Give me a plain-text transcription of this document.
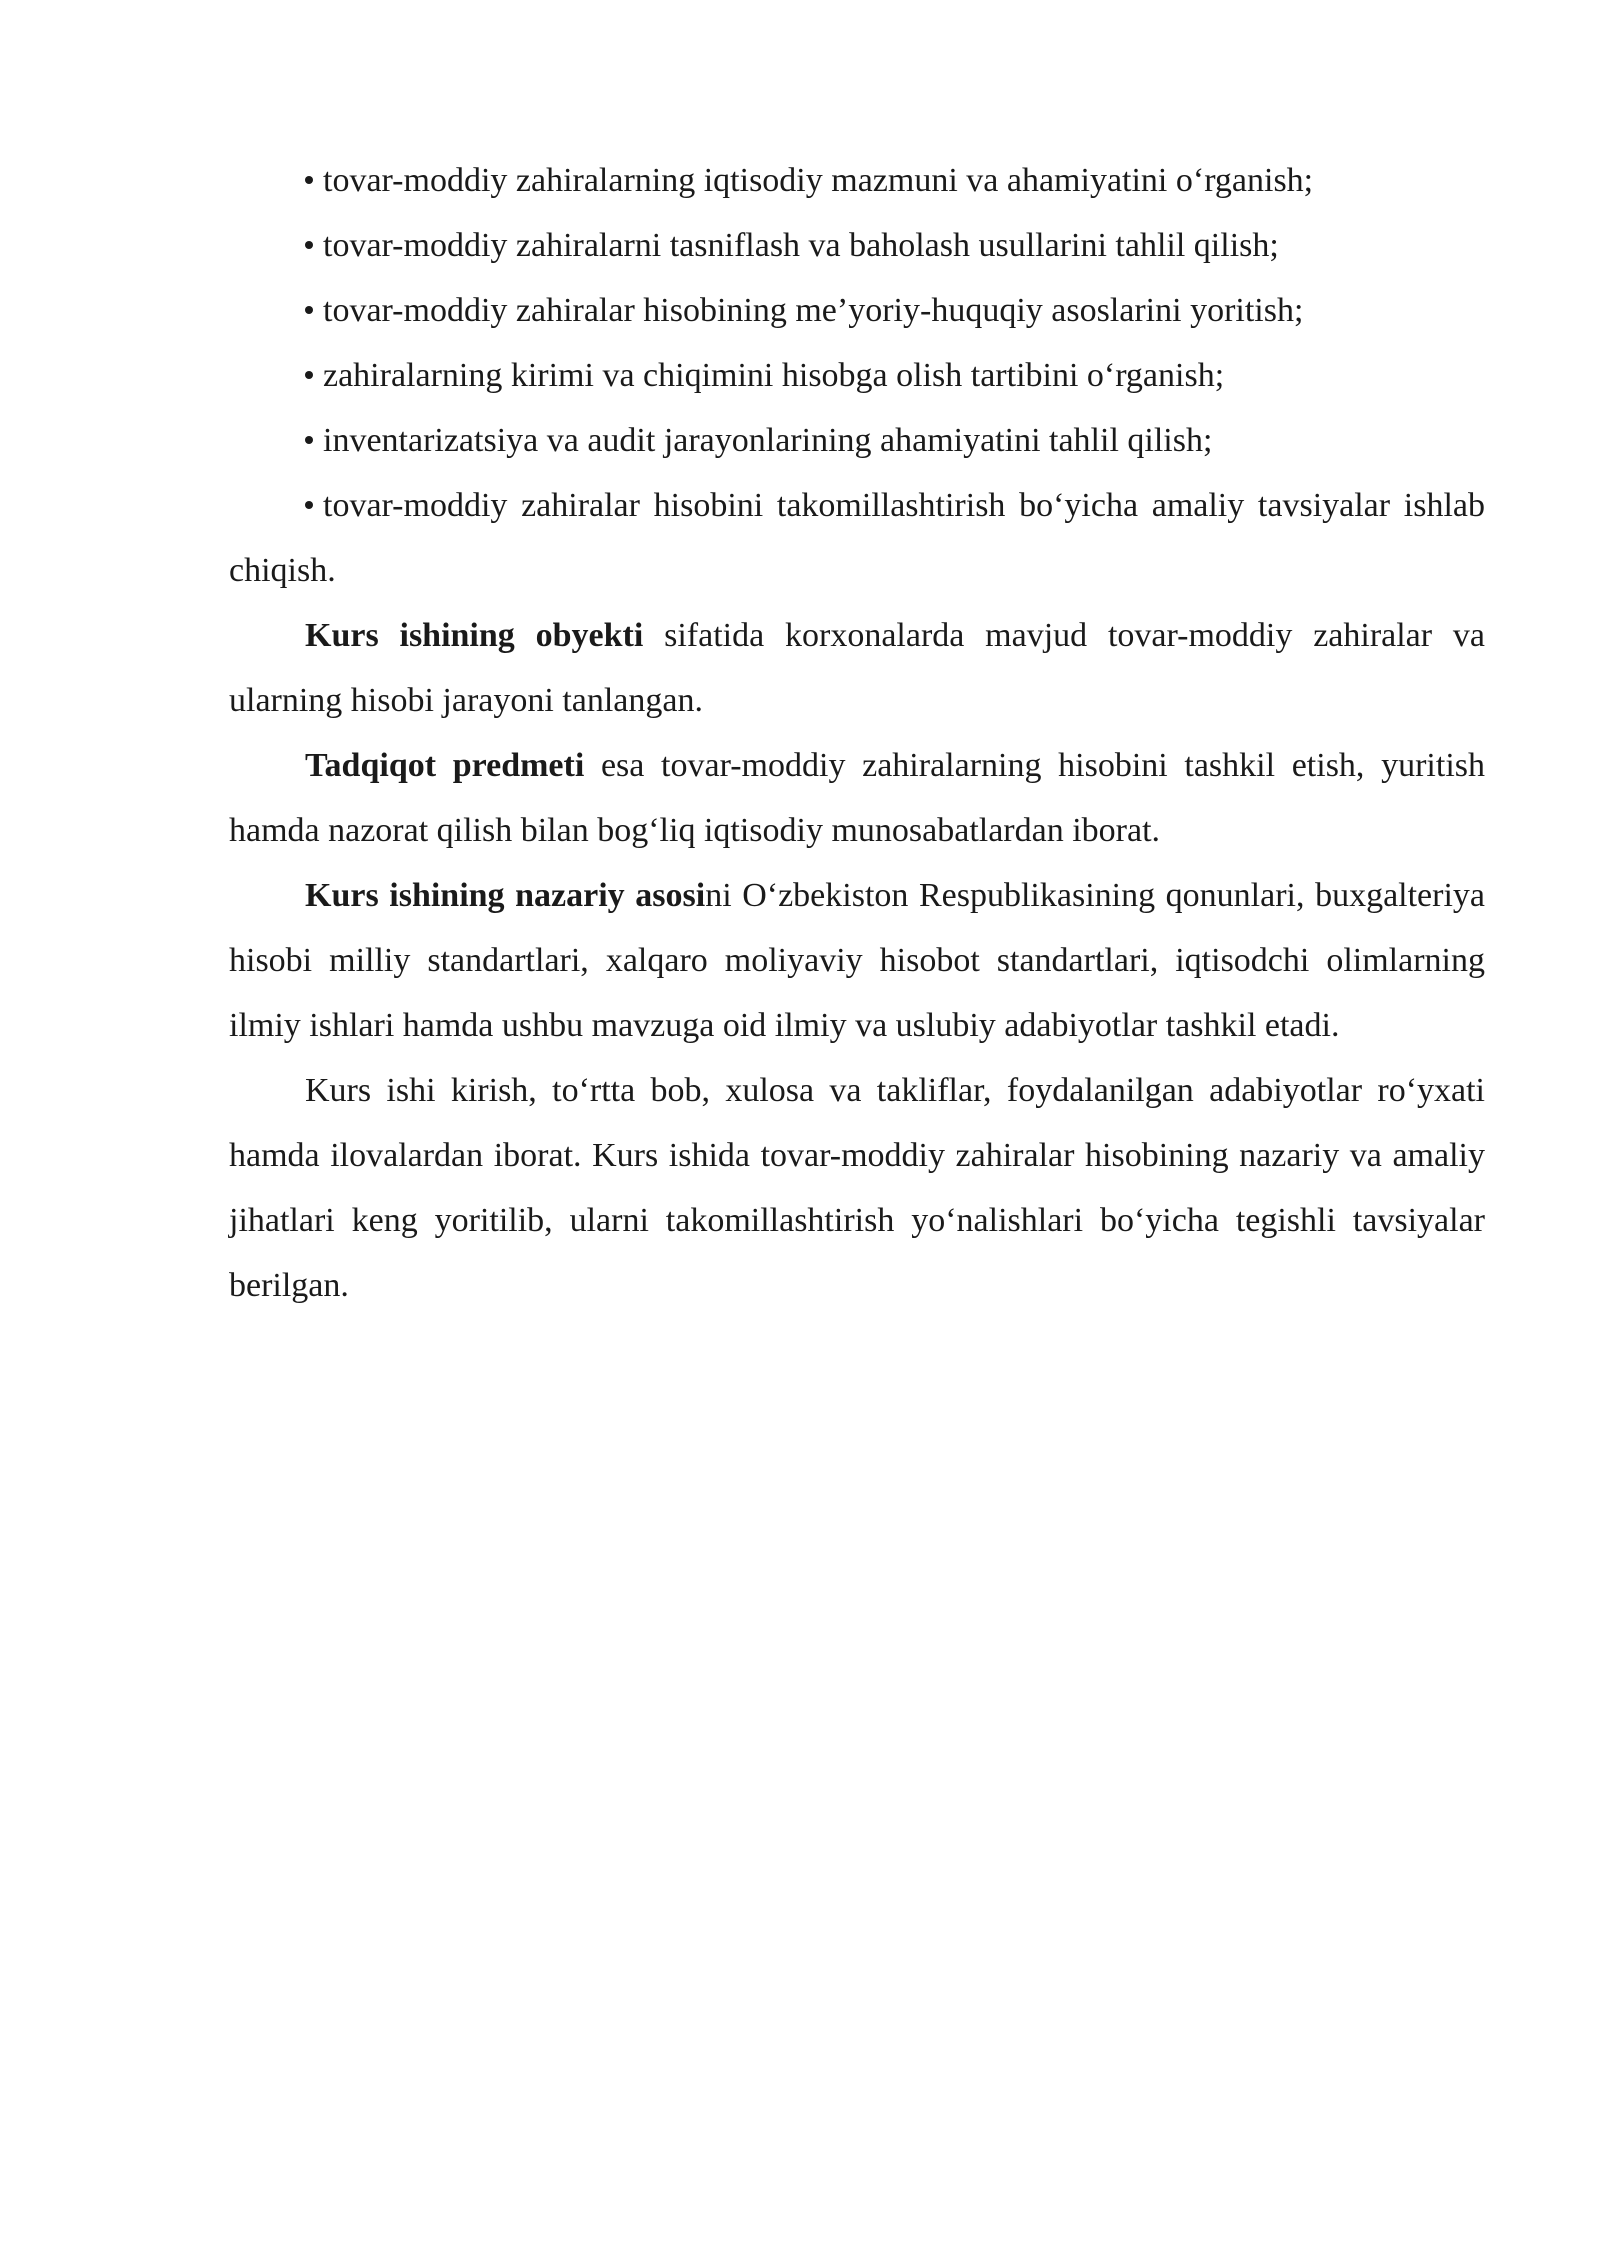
tovar-moddiy zahiralarning iqtisodiy mazmuni va ahamiyatini o‘rganish;
tovar-moddiy zahiralarni tasniflash va baholash usullarini tahlil qilish;
tovar-moddiy zahiralar hisobining me’yoriy-huquqiy asoslarini yoritish;
zahiralarning kirimi va chiqimini hisobga olish tartibini o‘rganish;
inventarizatsiya va audit jarayonlarining ahamiyatini tahlil qilish;
tovar-moddiy zahiralar hisobini takomillashtirish bo‘yicha amaliy tavsiyalar ishlab chiqish.

Kurs ishining obyekti sifatida korxonalarda mavjud tovar-moddiy zahiralar va ularning hisobi jarayoni tanlangan.

Tadqiqot predmeti esa tovar-moddiy zahiralarning hisobini tashkil etish, yuritish hamda nazorat qilish bilan bog‘liq iqtisodiy munosabatlardan iborat.

Kurs ishining nazariy asosini O‘zbekiston Respublikasining qonunlari, buxgalteriya hisobi milliy standartlari, xalqaro moliyaviy hisobot standartlari, iqtisodchi olimlarning ilmiy ishlari hamda ushbu mavzuga oid ilmiy va uslubiy adabiyotlar tashkil etadi.

Kurs ishi kirish, to‘rtta bob, xulosa va takliflar, foydalanilgan adabiyotlar ro‘yxati hamda ilovalardan iborat. Kurs ishida tovar-moddiy zahiralar hisobining nazariy va amaliy jihatlari keng yoritilib, ularni takomillashtirish yo‘nalishlari bo‘yicha tegishli tavsiyalar berilgan.
